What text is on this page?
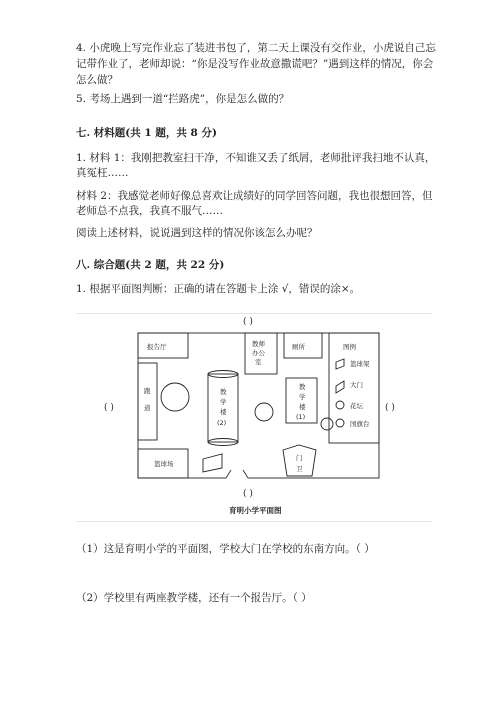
4. 小虎晚上写完作业忘了装进书包了，第二天上课没有交作业，小虎说自己忘
记带作业了，老师却说：“你是没写作业故意撒谎吧？”遇到这样的情况，你会
怎么做？
5. 考场上遇到一道“拦路虎”，你是怎么做的？
七. 材料题(共 1 题，共 8 分)
1. 材料 1：我刚把教室扫干净，不知谁又丢了纸屑，老师批评我扫地不认真，
真冤枉……
材料 2：我感觉老师好像总喜欢让成绩好的同学回答问题，我也很想回答，但
老师总不点我，我真不服气……
阅读上述材料，说说遇到这样的情况你该怎么办呢？
八. 综合题(共 2 题，共 22 分)
1. 根据平面图判断：正确的请在答题卡上涂 √，错误的涂×。
报告厅	教师
办公
室
厕所	图例
篮球架
大门
花坛
国旗台
跑
道
教
学
楼
(2)
教
学
楼
(1)
篮球场
门
卫
( )
( )	( )
( )
育明小学平面图
（1）这是育明小学的平面图，学校大门在学校的东南方向。（ ）
（2）学校里有两座教学楼，还有一个报告厅。（ ）
